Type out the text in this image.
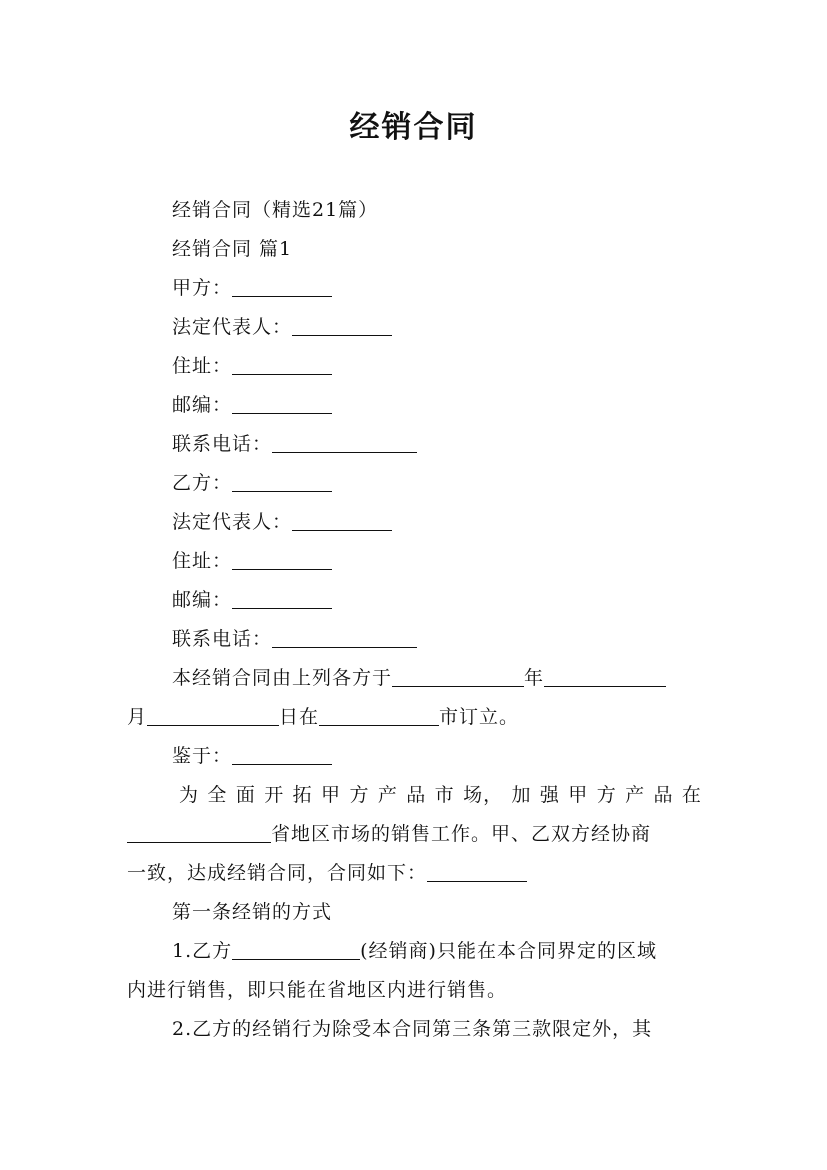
经销合同
经销合同（精选21篇）
经销合同 篇1
甲方：
法定代表人：
住址：
邮编：
联系电话：
乙方：
法定代表人：
住址：
邮编：
联系电话：
本经销合同由上列各方于	年
月	日在	市订立。
鉴于：
为 全 面 开 拓 甲 方 产 品 市 场， 加 强 甲 方 产 品 在
省地区市场的销售工作。甲、乙双方经协商
一致，达成经销合同，合同如下：
第一条经销的方式
1.乙方	(经销商)只能在本合同界定的区域
内进行销售，即只能在省地区内进行销售。
2.乙方的经销行为除受本合同第三条第三款限定外，其
